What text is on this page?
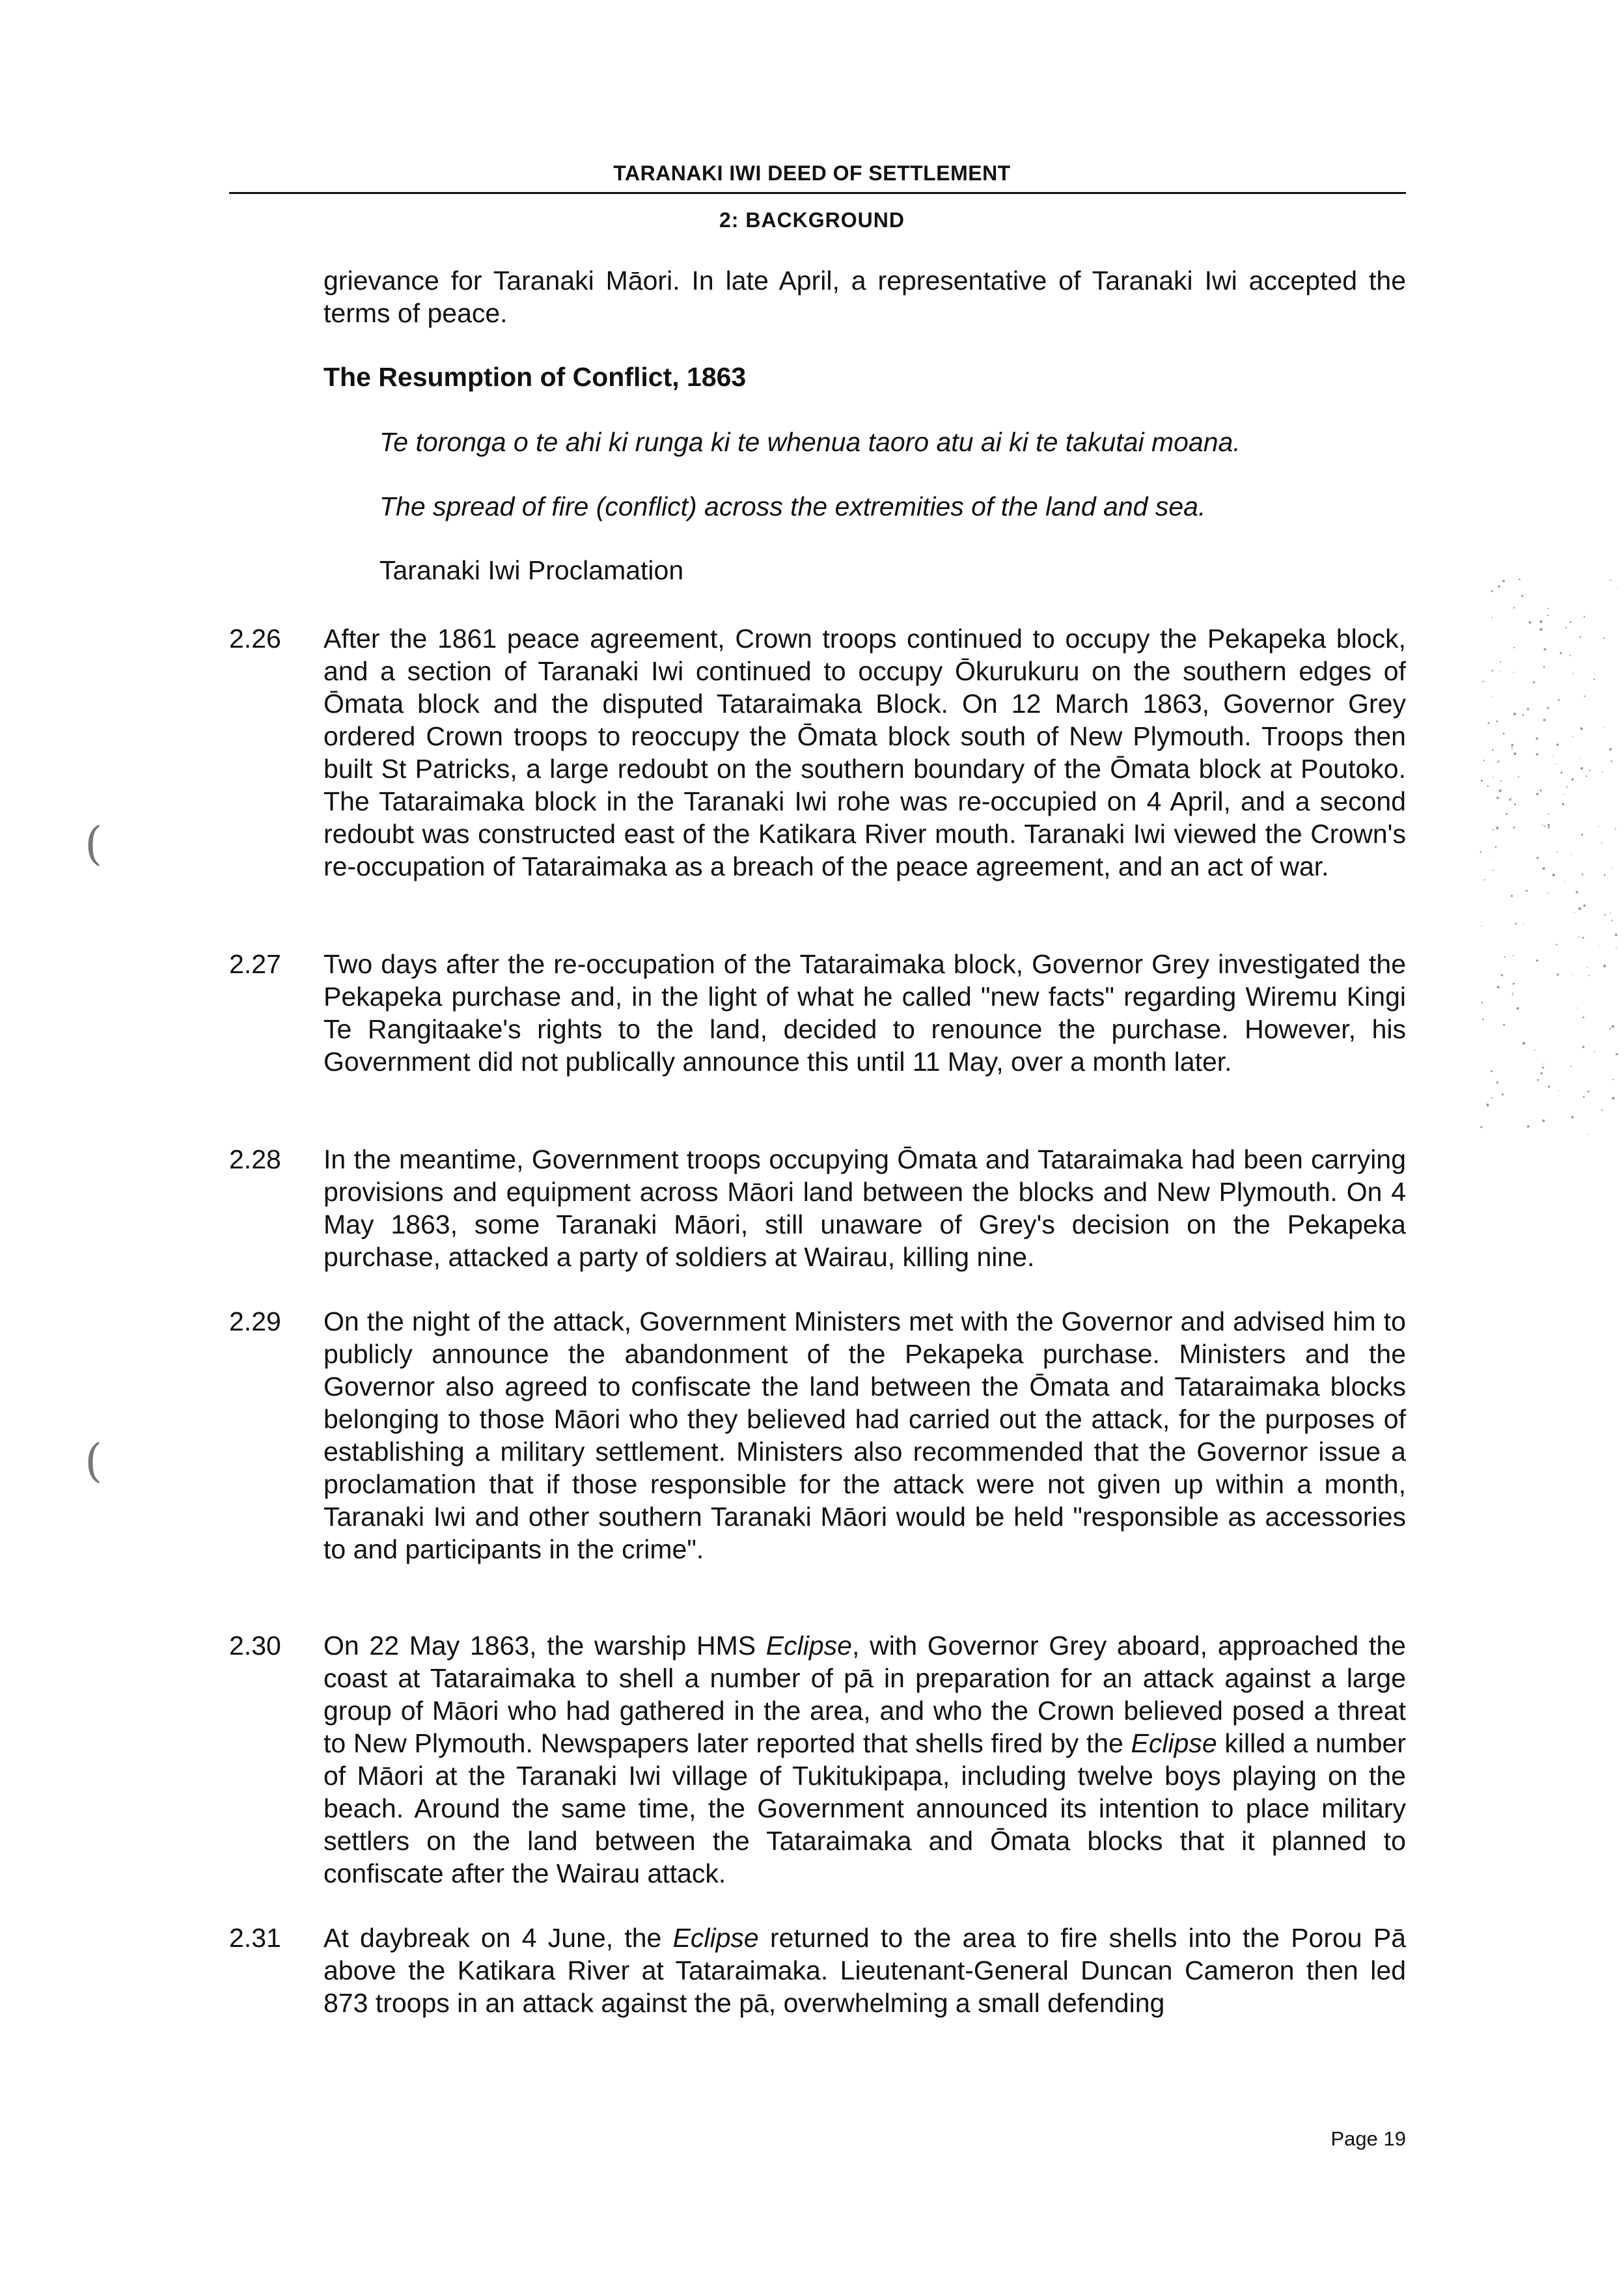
TARANAKI IWI DEED OF SETTLEMENT
2: BACKGROUND
grievance for Taranaki Māori. In late April, a representative of Taranaki Iwi accepted the terms of peace.
The Resumption of Conflict, 1863
Te toronga o te ahi ki runga ki te whenua taoro atu ai ki te takutai moana.
The spread of fire (conflict) across the extremities of the land and sea.
Taranaki Iwi Proclamation
2.26 After the 1861 peace agreement, Crown troops continued to occupy the Pekapeka block, and a section of Taranaki Iwi continued to occupy Ōkurukuru on the southern edges of Ōmata block and the disputed Tataraimaka Block. On 12 March 1863, Governor Grey ordered Crown troops to reoccupy the Ōmata block south of New Plymouth. Troops then built St Patricks, a large redoubt on the southern boundary of the Ōmata block at Poutoko. The Tataraimaka block in the Taranaki Iwi rohe was re-occupied on 4 April, and a second redoubt was constructed east of the Katikara River mouth. Taranaki Iwi viewed the Crown's re-occupation of Tataraimaka as a breach of the peace agreement, and an act of war.
2.27 Two days after the re-occupation of the Tataraimaka block, Governor Grey investigated the Pekapeka purchase and, in the light of what he called "new facts" regarding Wiremu Kingi Te Rangitaake's rights to the land, decided to renounce the purchase. However, his Government did not publically announce this until 11 May, over a month later.
2.28 In the meantime, Government troops occupying Ōmata and Tataraimaka had been carrying provisions and equipment across Māori land between the blocks and New Plymouth. On 4 May 1863, some Taranaki Māori, still unaware of Grey's decision on the Pekapeka purchase, attacked a party of soldiers at Wairau, killing nine.
2.29 On the night of the attack, Government Ministers met with the Governor and advised him to publicly announce the abandonment of the Pekapeka purchase. Ministers and the Governor also agreed to confiscate the land between the Ōmata and Tataraimaka blocks belonging to those Māori who they believed had carried out the attack, for the purposes of establishing a military settlement. Ministers also recommended that the Governor issue a proclamation that if those responsible for the attack were not given up within a month, Taranaki Iwi and other southern Taranaki Māori would be held "responsible as accessories to and participants in the crime".
2.30 On 22 May 1863, the warship HMS Eclipse, with Governor Grey aboard, approached the coast at Tataraimaka to shell a number of pā in preparation for an attack against a large group of Māori who had gathered in the area, and who the Crown believed posed a threat to New Plymouth. Newspapers later reported that shells fired by the Eclipse killed a number of Māori at the Taranaki Iwi village of Tukitukipapa, including twelve boys playing on the beach. Around the same time, the Government announced its intention to place military settlers on the land between the Tataraimaka and Ōmata blocks that it planned to confiscate after the Wairau attack.
2.31 At daybreak on 4 June, the Eclipse returned to the area to fire shells into the Porou Pā above the Katikara River at Tataraimaka. Lieutenant-General Duncan Cameron then led 873 troops in an attack against the pā, overwhelming a small defending
(
(
Page 19
